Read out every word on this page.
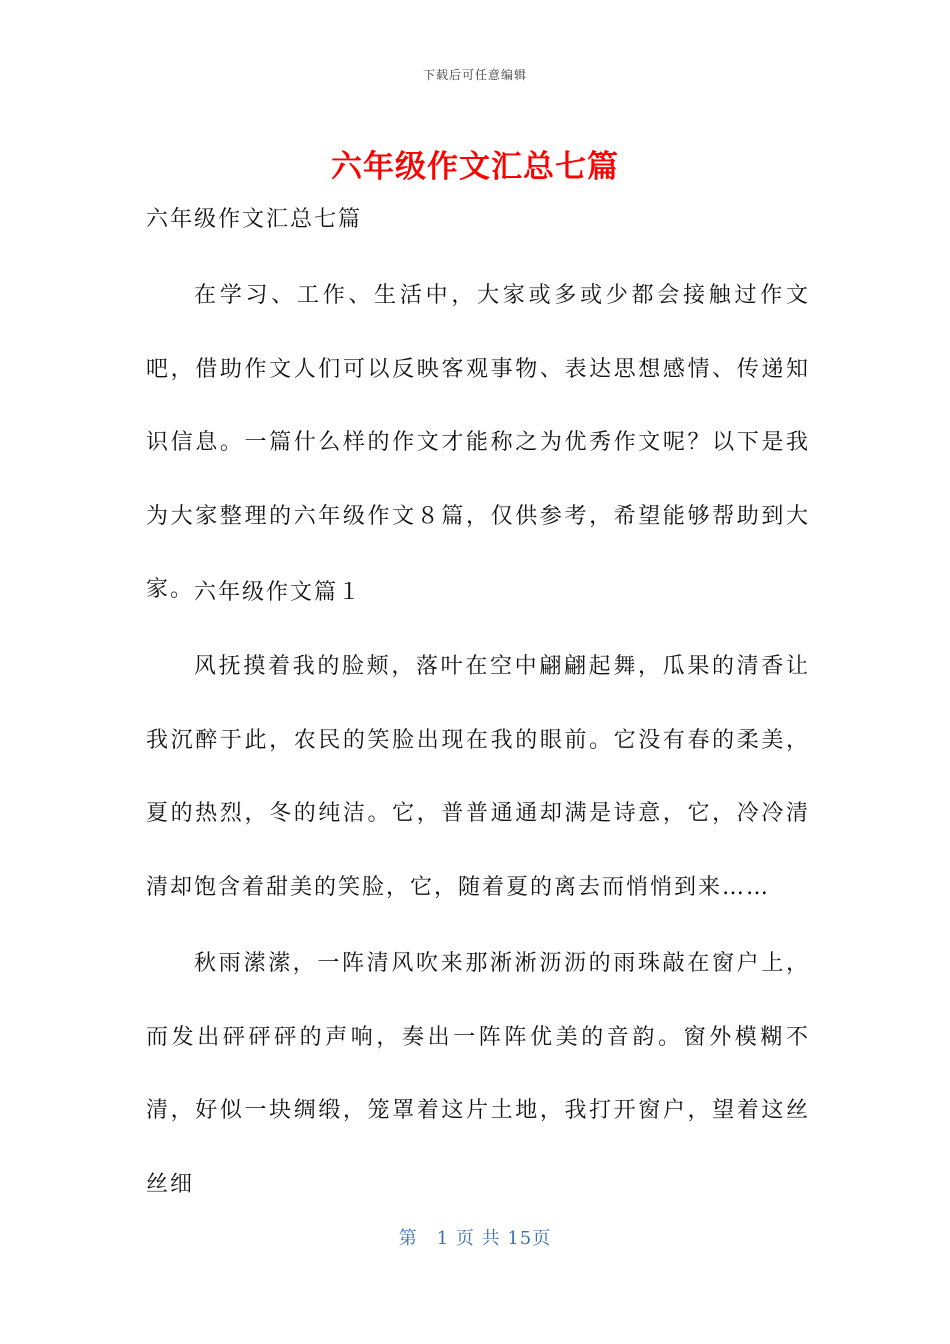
下载后可任意编辑
六年级作文汇总七篇
六年级作文汇总七篇
在学习、工作、生活中，大家或多或少都会接触过作文吧，借助作文人们可以反映客观事物、表达思想感情、传递知识信息。一篇什么样的作文才能称之为优秀作文呢？以下是我为大家整理的六年级作文８篇，仅供参考，希望能够帮助到大家。 六年级作文篇１
风抚摸着我的脸颊，落叶在空中翩翩起舞，瓜果的清香让我沉醉于此，农民的笑脸出现在我的眼前。它没有春的柔美，夏的热烈，冬的纯洁。它，普普通通却满是诗意，它，冷冷清清却饱含着甜美的笑脸，它，随着夏的离去而悄悄到来……
秋雨潆潆，一阵清风吹来那淅淅沥沥的雨珠敲在窗户上，而发出砰砰砰的声响，奏出一阵阵优美的音韵。窗外模糊不清，好似一块绸缎，笼罩着这片土地，我打开窗户，望着这丝丝细
第　1 页 共 15页
